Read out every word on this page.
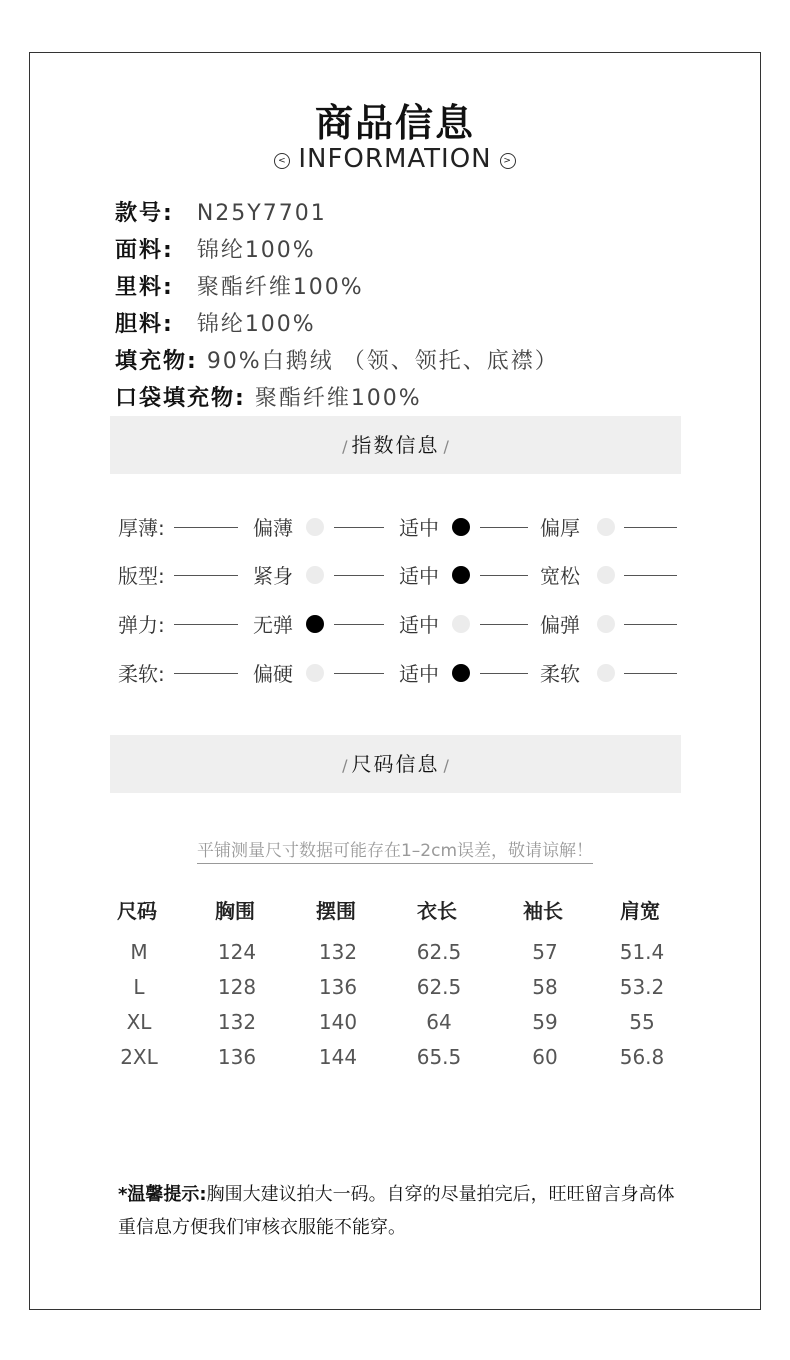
商品信息
< INFORMATION >
款号: N25Y7701
面料: 锦纶100%
里料: 聚酯纤维100%
胆料: 锦纶100%
填充物: 90%白鹅绒 （领、领托、底襟）
口袋填充物: 聚酯纤维100%
/ 指数信息 /
厚薄:	偏薄	适中	偏厚
版型:	紧身	适中	宽松
弹力:	无弹	适中	偏弹
柔软:	偏硬	适中	柔软
/ 尺码信息 /
平铺测量尺寸数据可能存在1–2cm误差，敬请谅解！
尺码	胸围	摆围	衣长	袖长	肩宽
M	124	132	62.5	57	51.4
L	128	136	62.5	58	53.2
XL	132	140	64	59	55
2XL	136	144	65.5	60	56.8
*温馨提示:胸围大建议拍大一码。自穿的尽量拍完后，旺旺留言身高体重信息方便我们审核衣服能不能穿。
